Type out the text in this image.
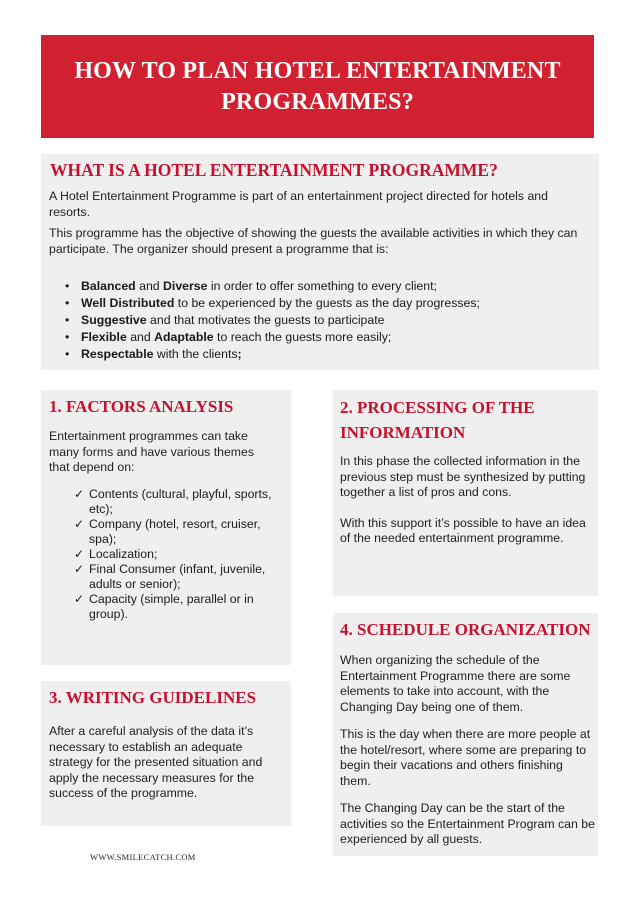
HOW TO PLAN HOTEL ENTERTAINMENT
PROGRAMMES?
WHAT IS A HOTEL ENTERTAINMENT PROGRAMME?

A Hotel Entertainment Programme is part of an entertainment project directed for hotels and resorts.

This programme has the objective of showing the guests the available activities in which they can participate. The organizer should present a programme that is:

• Balanced and Diverse in order to offer something to every client;
• Well Distributed to be experienced by the guests as the day progresses;
• Suggestive and that motivates the guests to participate
• Flexible and Adaptable to reach the guests more easily;
• Respectable with the clients;
1. FACTORS ANALYSIS
Entertainment programmes can take many forms and have various themes that depend on:
✓ Contents (cultural, playful, sports, etc);
✓ Company (hotel, resort, cruiser, spa);
✓ Localization;
✓ Final Consumer (infant, juvenile, adults or senior);
✓ Capacity (simple, parallel or in group).
2. PROCESSING OF THE
INFORMATION

In this phase the collected information in the previous step must be synthesized by putting together a list of pros and cons.

With this support it’s possible to have an idea of the needed entertainment programme.

3. WRITING GUIDELINES
After a careful analysis of the data it’s necessary to establish an adequate strategy for the presented situation and apply the necessary measures for the success of the programme.
4. SCHEDULE ORGANIZATION

When organizing the schedule of the Entertainment Programme there are some elements to take into account, with the Changing Day being one of them.

This is the day when there are more people at the hotel/resort, where some are preparing to begin their vacations and others finishing them.

The Changing Day can be the start of the activities so the Entertainment Program can be experienced by all guests.

WWW.SMILECATCH.COM
